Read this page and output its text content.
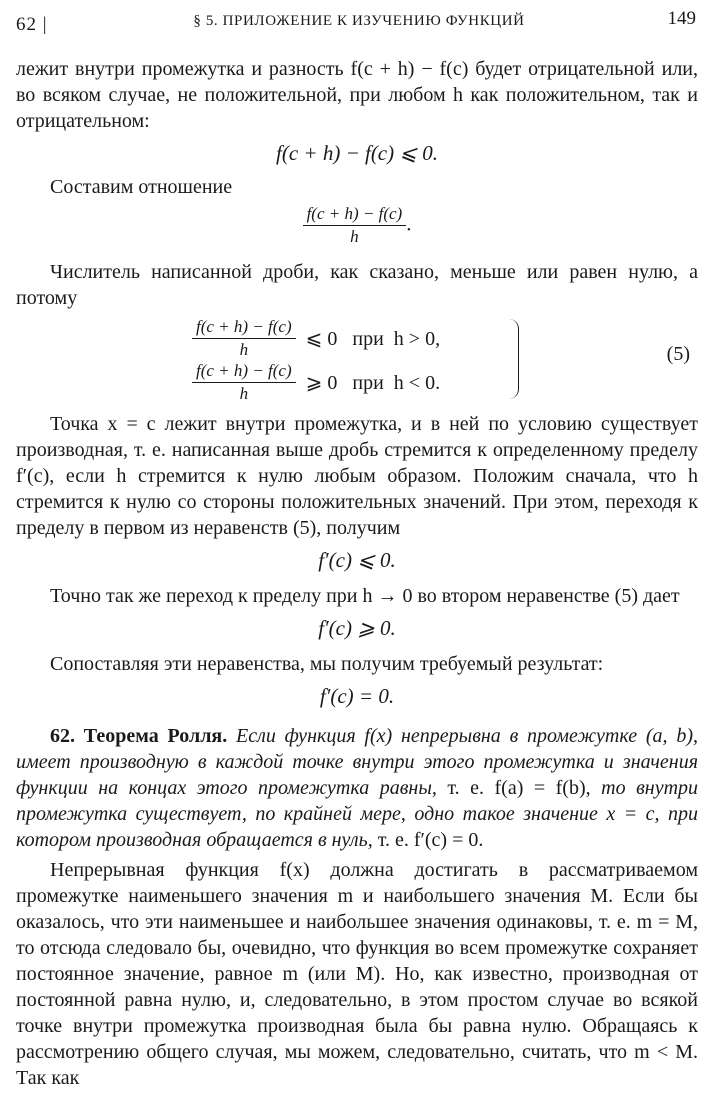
62 |	§ 5. ПРИЛОЖЕНИЕ К ИЗУЧЕНИЮ ФУНКЦИЙ	149

лежит внутри промежутка и разность f(c + h) − f(c) будет отрицательной или, во всяком случае, не положительной, при любом h как положительном, так и отрицательном:

f(c + h) − f(c) ⩽ 0.

Составим отношение

$\frac{f(c + h) - f(c)}{h}$ .

Числитель написанной дроби, как сказано, меньше или равен нулю, а потому

$\frac{f(c + h) - f(c)}{h}$ ⩽ 0   при  h > 0,
$\frac{f(c + h) - f(c)}{h}$ ⩾ 0   при  h < 0.
(5)

Точка x = c лежит внутри промежутка, и в ней по условию существует производная, т. е. написанная выше дробь стремится к определенному пределу f′(c), если h стремится к нулю любым образом. Положим сначала, что h стремится к нулю со стороны положительных значений. При этом, переходя к пределу в первом из неравенств (5), получим

f′(c) ⩽ 0.

Точно так же переход к пределу при h → 0 во втором неравенстве (5) дает

f′(c) ⩾ 0.

Сопоставляя эти неравенства, мы получим требуемый результат:

f′(c) = 0.

62. Теорема Ролля. Если функция f(x) непрерывна в промежутке (a, b), имеет производную в каждой точке внутри этого промежутка и значения функции на концах этого промежутка равны, т. е. f(a) = f(b), то внутри промежутка существует, по крайней мере, одно такое значение x = c, при котором производная обращается в нуль, т. е. f′(c) = 0.

Непрерывная функция f(x) должна достигать в рассматриваемом промежутке наименьшего значения m и наибольшего значения M. Если бы оказалось, что эти наименьшее и наибольшее значения одинаковы, т. е. m = M, то отсюда следовало бы, очевидно, что функция во всем промежутке сохраняет постоянное значение, равное m (или M). Но, как известно, производная от постоянной равна нулю, и, следовательно, в этом простом случае во всякой точке внутри промежутка производная была бы равна нулю. Обращаясь к рассмотрению общего случая, мы можем, следовательно, считать, что m < M. Так как
